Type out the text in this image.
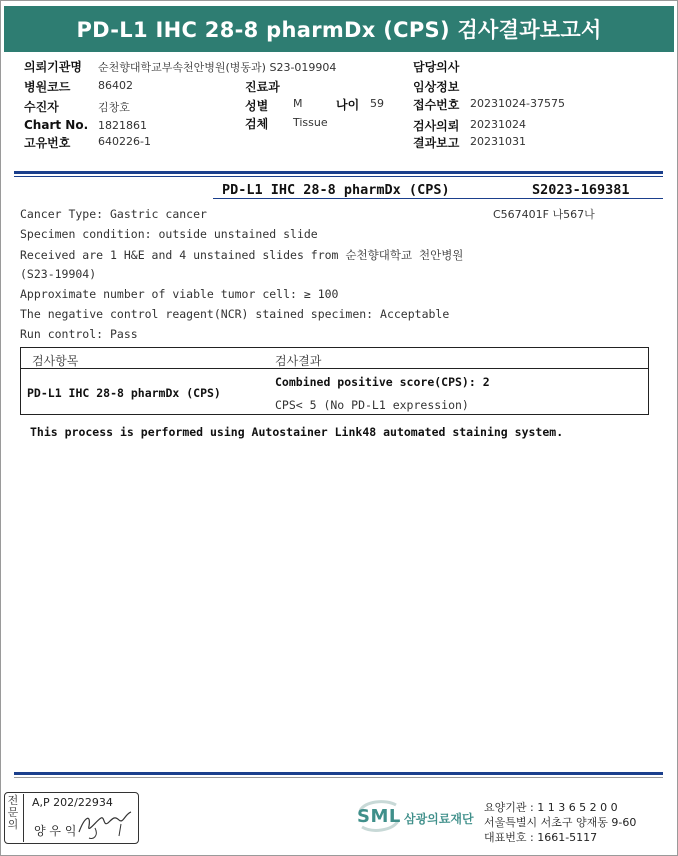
PD-L1 IHC 28-8 pharmDx (CPS) 검사결과보고서
의뢰기관명 순천향대학교부속천안병원(병동과) S23-019904
병원코드	86402
수진자	김창호
Chart No. 1821861
고유번호	640226-1
진료과
성별 M	나이 59
검체 Tissue
담당의사
임상정보
접수번호 20231024-37575
검사의뢰 20231024
결과보고 20231031
PD-L1 IHC 28-8 pharmDx (CPS)	S2023-169381
C567401F 나567나
Cancer Type: Gastric cancer
Specimen condition: outside unstained slide
Received are 1 H&E and 4 unstained slides from 순천향대학교 천안병원
(S23-19904)
Approximate number of viable tumor cell: ≥ 100
The negative control reagent(NCR) stained specimen: Acceptable
Run control: Pass
검사항목	검사결과
PD-L1 IHC 28-8 pharmDx (CPS)
Combined positive score(CPS): 2
CPS< 5 (No PD-L1 expression)
This process is performed using Autostainer Link48 automated staining system.
전
문
의
A,P 202/22934
양 우 익
SML 삼광의료재단
요양기관 : 1 1 3 6 5 2 0 0
서울특별시 서초구 양재동 9-60
대표번호 : 1661-5117
